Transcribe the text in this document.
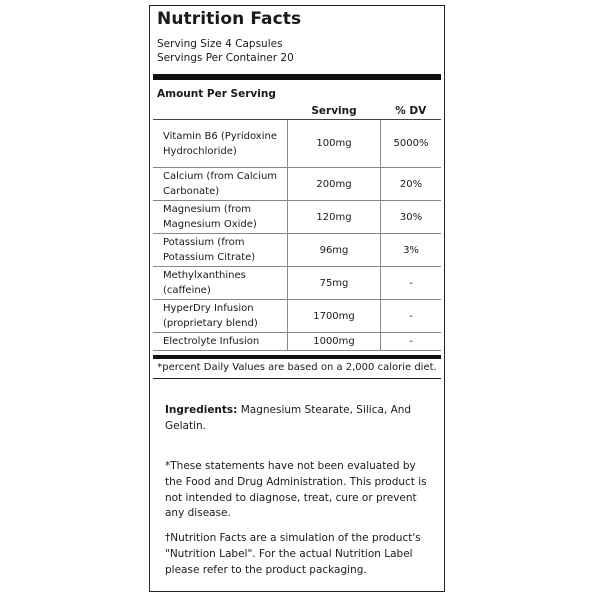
Nutrition Facts
Serving Size 4 Capsules
Servings Per Container 20
Amount Per Serving
	Serving	% DV
Vitamin B6 (Pyridoxine Hydrochloride)	100mg	5000%
Calcium (from Calcium Carbonate)	200mg	20%
Magnesium (from Magnesium Oxide)	120mg	30%
Potassium (from Potassium Citrate)	96mg	3%
Methylxanthines (caffeine)	75mg	-
HyperDry Infusion (proprietary blend)	1700mg	-
Electrolyte Infusion	1000mg	-
*percent Daily Values are based on a 2,000 calorie diet.
Ingredients: Magnesium Stearate, Silica, And Gelatin.
*These statements have not been evaluated by the Food and Drug Administration. This product is not intended to diagnose, treat, cure or prevent any disease.
†Nutrition Facts are a simulation of the product's "Nutrition Label". For the actual Nutrition Label please refer to the product packaging.
